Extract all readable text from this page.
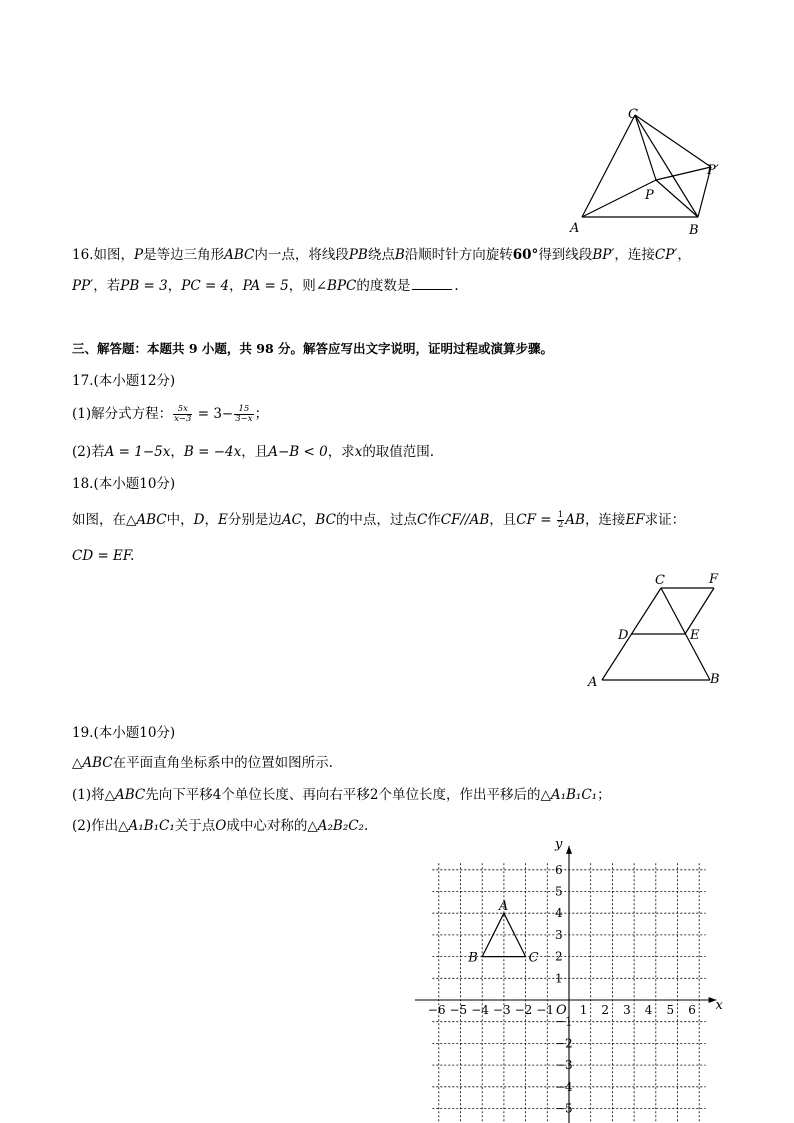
C
A	B
P
P′
16.如图，P是等边三角形ABC内一点，将线段PB绕点B沿顺时针方向旋转60°得到线段BP′，连接CP′，
PP′，若PB = 3，PC = 4，PA = 5，则∠BPC的度数是	.
三、解答题：本题共 9 小题，共 98 分。解答应写出文字说明，证明过程或演算步骤。
17.(本小题12分)
(1)解分式方程： $\frac{5x}{x-3} = 3- \frac{15}{3-x}$ ；
(2)若A = 1−5x，B = −4x，且A−B < 0，求x的取值范围.
18.(本小题10分)
如图，在△ABC中，D，E分别是边AC，BC的中点，过点C作CF//AB，且CF = $\frac{1}{2}$ AB，连接EF求证：
CD = EF.
C	F
D	E
A	B
19.(本小题10分)
△ABC在平面直角坐标系中的位置如图所示.
(1)将△ABC先向下平移4个单位长度、再向右平移2个单位长度，作出平移后的△A₁B₁C₁；
(2)作出△A₁B₁C₁关于点O成中心对称的△A₂B₂C₂.
x
y
O
−6 −5 −4 −3 −2 −1 1 2 3 4 5 6
6
5
4
3
2
1
−1
−2
−3
−4
−5
A
B	C
